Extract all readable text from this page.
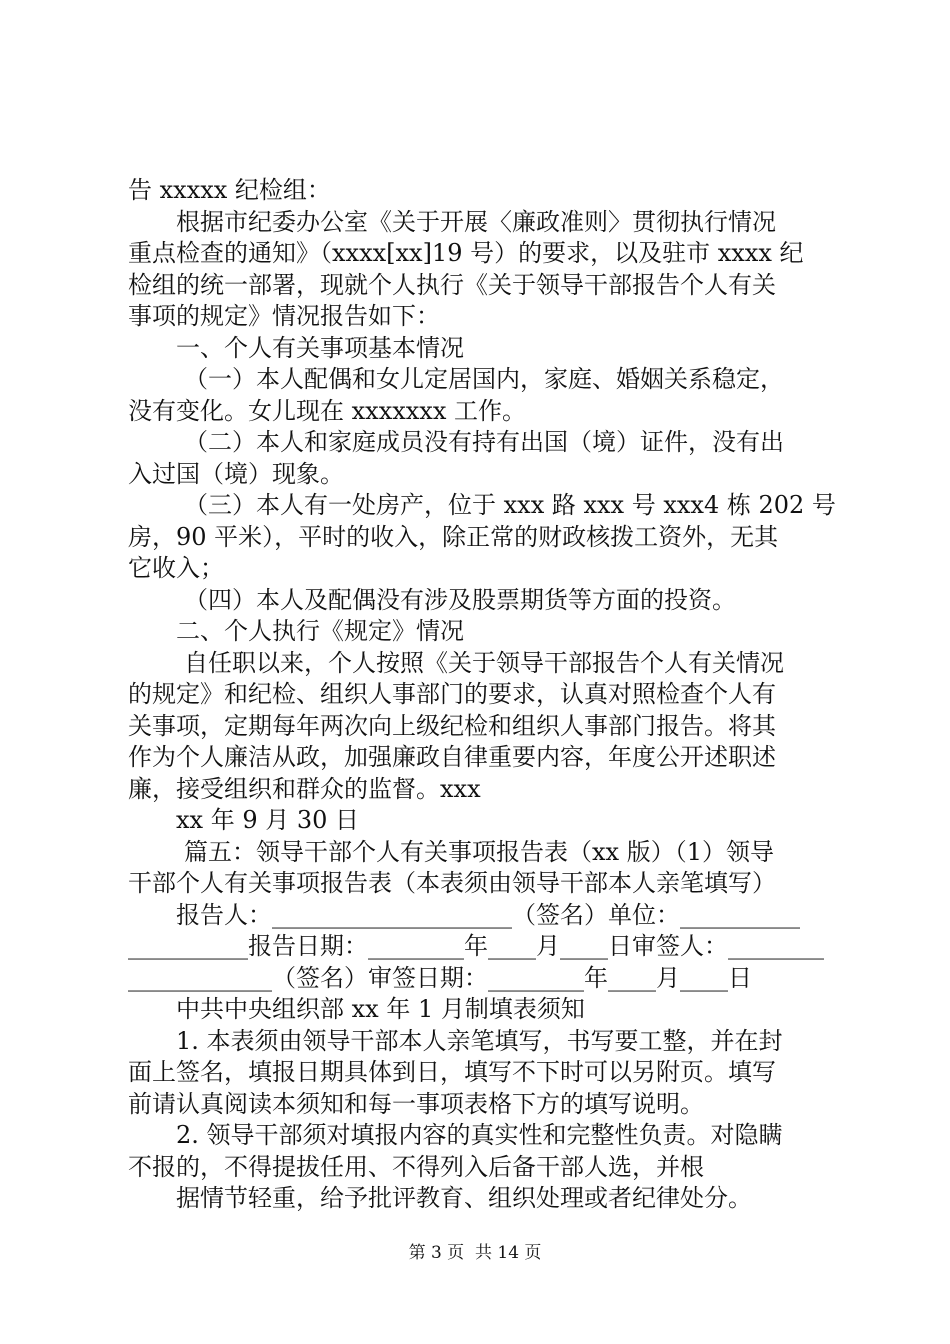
告 xxxxx 纪检组：
根据市纪委办公室《关于开展〈廉政准则〉贯彻执行情况
重点检查的通知》（xxxx[xx]19 号）的要求，以及驻市 xxxx 纪
检组的统一部署，现就个人执行《关于领导干部报告个人有关
事项的规定》情况报告如下：
一、个人有关事项基本情况
（一）本人配偶和女儿定居国内，家庭、婚姻关系稳定，
没有变化。女儿现在 xxxxxxx 工作。
（二）本人和家庭成员没有持有出国（境）证件，没有出
入过国（境）现象。
（三）本人有一处房产，位于 xxx 路 xxx 号 xxx4 栋 202 号
房，90 平米），平时的收入，除正常的财政核拨工资外，无其
它收入；
（四）本人及配偶没有涉及股票期货等方面的投资。
二、个人执行《规定》情况
自任职以来，个人按照《关于领导干部报告个人有关情况
的规定》和纪检、组织人事部门的要求，认真对照检查个人有
关事项，定期每年两次向上级纪检和组织人事部门报告。将其
作为个人廉洁从政，加强廉政自律重要内容，年度公开述职述
廉，接受组织和群众的监督。xxx
xx 年 9 月 30 日
篇五：领导干部个人有关事项报告表（xx 版）（1）领导
干部个人有关事项报告表（本表须由领导干部本人亲笔填写）
报告人：____________________（签名）单位：__________
__________报告日期：________年____月____日审签人：________
____________（签名）审签日期：________年____月____日
中共中央组织部 xx 年 1 月制填表须知
1. 本表须由领导干部本人亲笔填写，书写要工整，并在封
面上签名，填报日期具体到日，填写不下时可以另附页。填写
前请认真阅读本须知和每一事项表格下方的填写说明。
2. 领导干部须对填报内容的真实性和完整性负责。对隐瞒
不报的，不得提拔任用、不得列入后备干部人选，并根
据情节轻重，给予批评教育、组织处理或者纪律处分。
第 3 页  共 14 页
